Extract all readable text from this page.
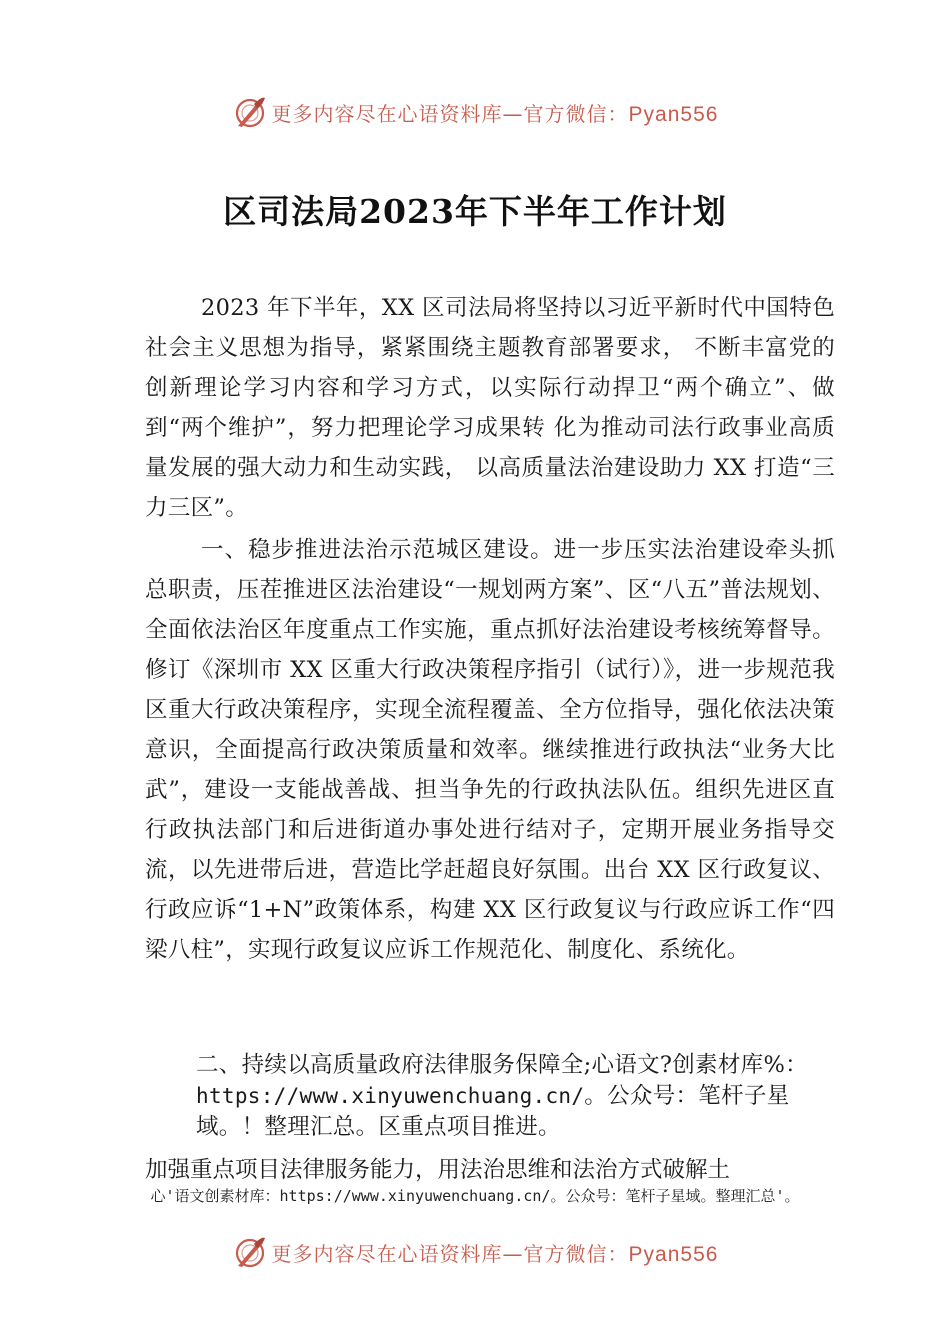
更多内容尽在心语资料库—官方微信：Pyan556
区司法局2023年下半年工作计划

2023 年下半年，XX 区司法局将坚持以习近平新时代中国特色社会主义思想为指导，紧紧围绕主题教育部署要求， 不断丰富党的创新理论学习内容和学习方式，以实际行动捍卫“两个确立”、做到“两个维护”，努力把理论学习成果转 化为推动司法行政事业高质量发展的强大动力和生动实践， 以高质量法治建设助力 XX 打造“三力三区”。

一、稳步推进法治示范城区建设。进一步压实法治建设牵头抓总职责，压茬推进区法治建设“一规划两方案”、区“八五”普法规划、全面依法治区年度重点工作实施，重点抓好法治建设考核统筹督导。修订《深圳市 XX 区重大行政决策程序指引（试行）》，进一步规范我区重大行政决策程序，实现全流程覆盖、全方位指导，强化依法决策意识，全面提高行政决策质量和效率。继续推进行政执法“业务大比武”，建设一支能战善战、担当争先的行政执法队伍。组织先进区直行政执法部门和后进街道办事处进行结对子，定期开展业务指导交流，以先进带后进，营造比学赶超良好氛围。出台 XX 区行政复议、行政应诉“1+N”政策体系，构建 XX 区行政复议与行政应诉工作“四梁八柱”，实现行政复议应诉工作规范化、制度化、系统化。

二、持续以高质量政府法律服务保障全;心语文?创素材库%：https://www.xinyuwenchuang.cn/。公众号：笔杆子星域。！整理汇总。区重点项目推进。

加强重点项目法律服务能力，用法治思维和法治方式破解土

心'语文创素材库：https://www.xinyuwenchuang.cn/。公众号：笔杆子星域。整理汇总'。
更多内容尽在心语资料库—官方微信：Pyan556
